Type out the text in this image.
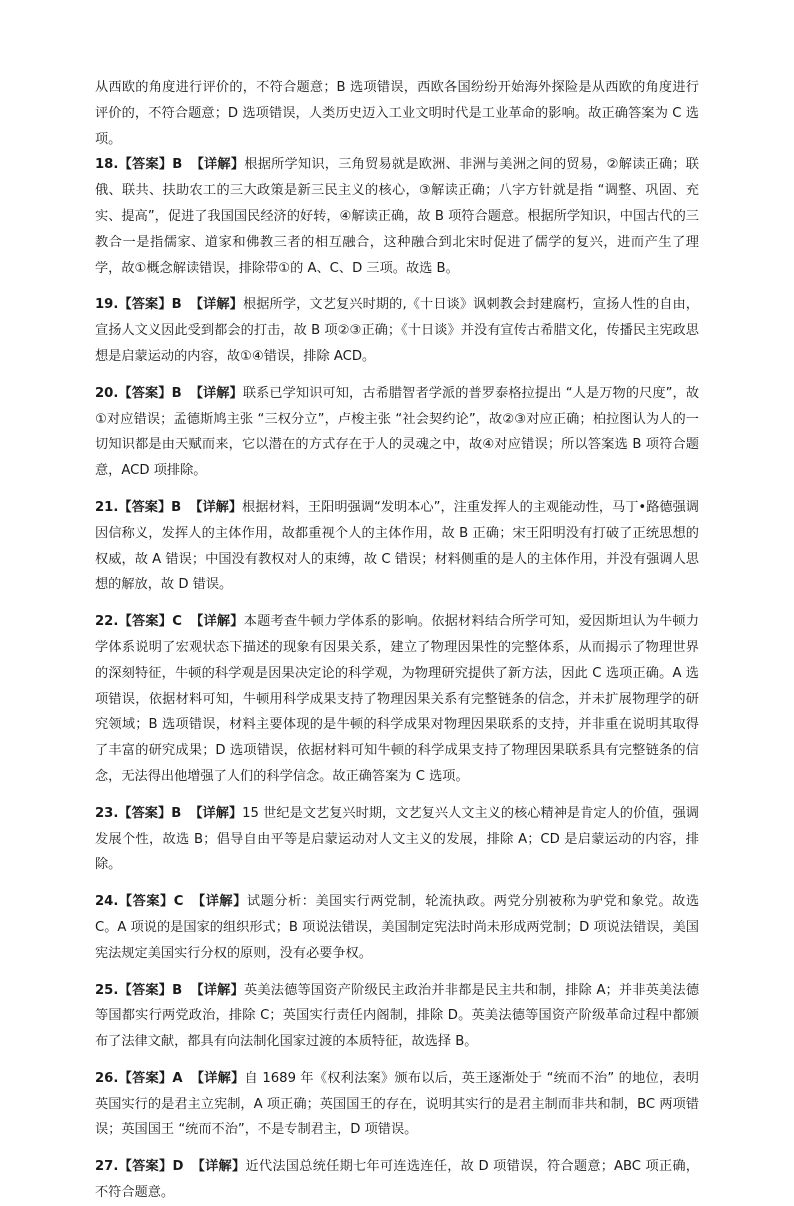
从西欧的角度进行评价的，不符合题意；B 选项错误，西欧各国纷纷开始海外探险是从西欧的角度进行评价的，不符合题意；D 选项错误，人类历史迈入工业文明时代是工业革命的影响。故正确答案为 C 选项。

18.【答案】B 【详解】根据所学知识，三角贸易就是欧洲、非洲与美洲之间的贸易，②解读正确；联俄、联共、扶助农工的三大政策是新三民主义的核心，③解读正确；八字方针就是指 “调整、巩固、充实、提高”，促进了我国国民经济的好转，④解读正确，故 B 项符合题意。根据所学知识，中国古代的三教合一是指儒家、道家和佛教三者的相互融合，这种融合到北宋时促进了儒学的复兴，进而产生了理学，故①概念解读错误，排除带①的 A、C、D 三项。故选 B。

19.【答案】B 【详解】根据所学，文艺复兴时期的,《十日谈》讽刺教会封建腐朽，宣扬人性的自由，宣扬人文义因此受到都会的打击，故 B 项②③正确；《十日谈》并没有宣传古希腊文化，传播民主宪政思想是启蒙运动的内容，故①④错误，排除 ACD。

20.【答案】B 【详解】联系已学知识可知，古希腊智者学派的普罗泰格拉提出 “人是万物的尺度”，故①对应错误；孟德斯鸠主张 “三权分立”，卢梭主张 “社会契约论”，故②③对应正确；柏拉图认为人的一切知识都是由天赋而来，它以潜在的方式存在于人的灵魂之中，故④对应错误；所以答案选 B 项符合题意，ACD 项排除。

21.【答案】B 【详解】根据材料，王阳明强调“发明本心”，注重发挥人的主观能动性，马丁•路德强调因信称义，发挥人的主体作用，故都重视个人的主体作用，故 B 正确；宋王阳明没有打破了正统思想的权威，故 A 错误；中国没有教权对人的束缚，故 C 错误；材料侧重的是人的主体作用，并没有强调人思想的解放，故 D 错误。

22.【答案】C 【详解】本题考查牛顿力学体系的影响。依据材料结合所学可知，爱因斯坦认为牛顿力学体系说明了宏观状态下描述的现象有因果关系，建立了物理因果性的完整体系，从而揭示了物理世界的深刻特征，牛顿的科学观是因果决定论的科学观，为物理研究提供了新方法，因此 C 选项正确。A 选项错误，依据材料可知，牛顿用科学成果支持了物理因果关系有完整链条的信念，并未扩展物理学的研究领域；B 选项错误，材料主要体现的是牛顿的科学成果对物理因果联系的支持，并非重在说明其取得了丰富的研究成果；D 选项错误，依据材料可知牛顿的科学成果支持了物理因果联系具有完整链条的信念，无法得出他增强了人们的科学信念。故正确答案为 C 选项。

23.【答案】B 【详解】15 世纪是文艺复兴时期，文艺复兴人文主义的核心精神是肯定人的价值，强调发展个性，故选 B；倡导自由平等是启蒙运动对人文主义的发展，排除 A；CD 是启蒙运动的内容，排除。

24.【答案】C 【详解】试题分析：美国实行两党制，轮流执政。两党分别被称为驴党和象党。故选 C。A 项说的是国家的组织形式；B 项说法错误，美国制定宪法时尚未形成两党制；D 项说法错误，美国宪法规定美国实行分权的原则，没有必要争权。

25.【答案】B 【详解】英美法德等国资产阶级民主政治并非都是民主共和制，排除 A；并非英美法德等国都实行两党政治，排除 C；英国实行责任内阁制，排除 D。英美法德等国资产阶级革命过程中都颁布了法律文献，都具有向法制化国家过渡的本质特征，故选择 B。

26.【答案】A 【详解】自 1689 年《权利法案》颁布以后，英王逐渐处于 “统而不治” 的地位，表明英国实行的是君主立宪制，A 项正确；英国国王的存在，说明其实行的是君主制而非共和制，BC 两项错误；英国国王 “统而不治”，不是专制君主，D 项错误。

27.【答案】D 【详解】近代法国总统任期七年可连选连任，故 D 项错误，符合题意；ABC 项正确，不符合题意。
